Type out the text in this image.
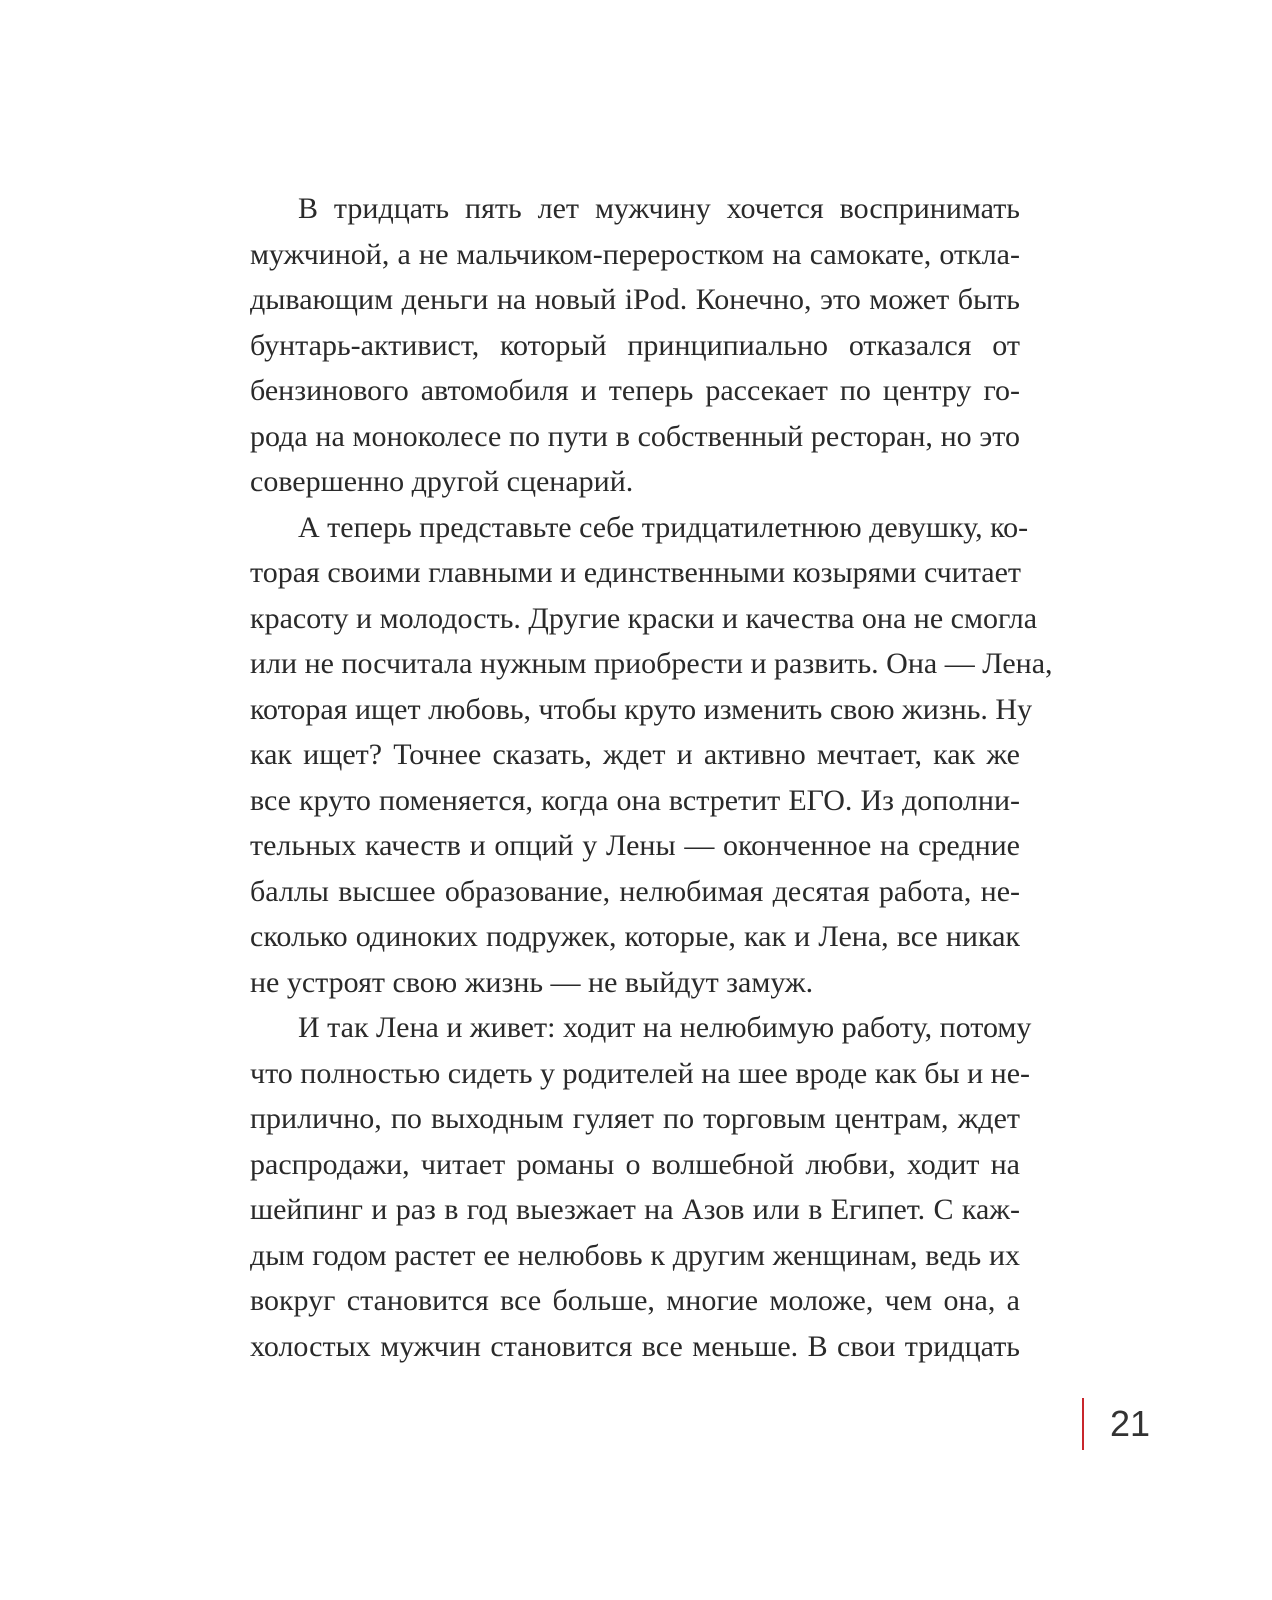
В тридцать пять лет мужчину хочется воспринимать
мужчиной, а не мальчиком-переростком на самокате, откла-
дывающим деньги на новый iPod. Конечно, это может быть
бунтарь-активист, который принципиально отказался от
бензинового автомобиля и теперь рассекает по центру го-
рода на моноколесе по пути в собственный ресторан, но это
совершенно другой сценарий.
А теперь представьте себе тридцатилетнюю девушку, ко-
торая своими главными и единственными козырями считает
красоту и молодость. Другие краски и качества она не смогла
или не посчитала нужным приобрести и развить. Она — Лена,
которая ищет любовь, чтобы круто изменить свою жизнь. Ну
как ищет? Точнее сказать, ждет и активно мечтает, как же
все круто поменяется, когда она встретит ЕГО. Из дополни-
тельных качеств и опций у Лены — оконченное на средние
баллы высшее образование, нелюбимая десятая работа, не-
сколько одиноких подружек, которые, как и Лена, все никак
не устроят свою жизнь — не выйдут замуж.
И так Лена и живет: ходит на нелюбимую работу, потому
что полностью сидеть у родителей на шее вроде как бы и не-
прилично, по выходным гуляет по торговым центрам, ждет
распродажи, читает романы о волшебной любви, ходит на
шейпинг и раз в год выезжает на Азов или в Египет. С каж-
дым годом растет ее нелюбовь к другим женщинам, ведь их
вокруг становится все больше, многие моложе, чем она, а
холостых мужчин становится все меньше. В свои тридцать
21
